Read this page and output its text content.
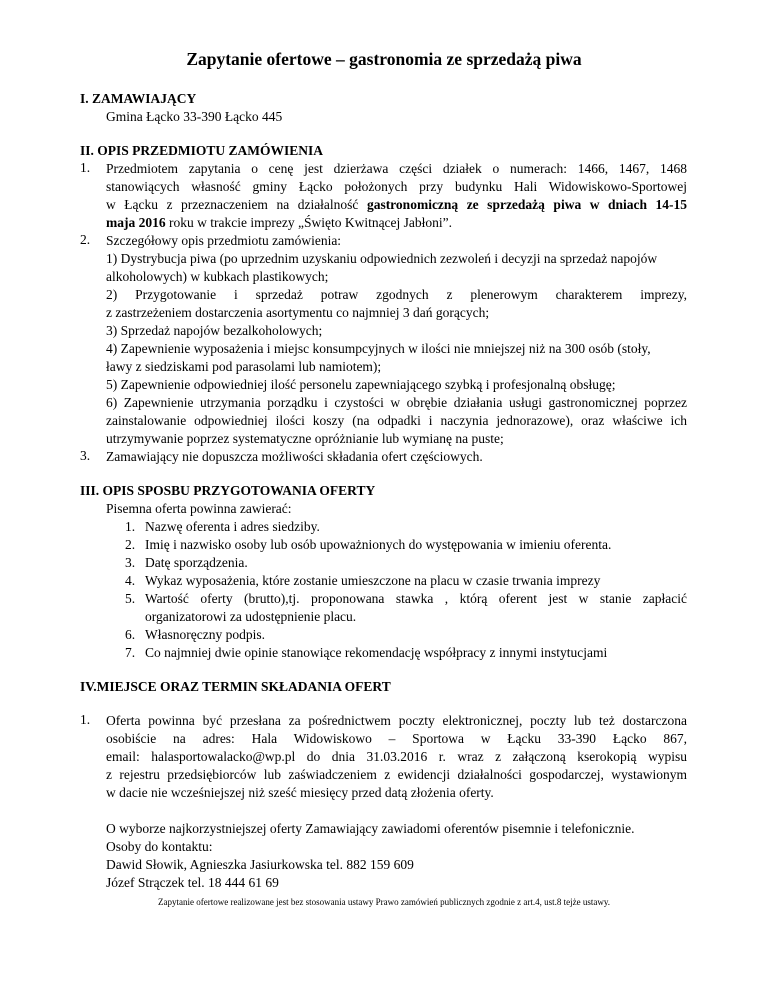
Zapytanie ofertowe – gastronomia ze sprzedażą piwa

I. ZAMAWIAJĄCY

Gmina Łącko 33-390 Łącko 445

II. OPIS PRZEDMIOTU ZAMÓWIENIA

1. Przedmiotem zapytania o cenę jest dzierżawa części działek o numerach: 1466, 1467, 1468

stanowiących własność gminy Łącko położonych przy budynku Hali Widowiskowo-Sportowej

w Łącku z przeznaczeniem na działalność gastronomiczną ze sprzedażą piwa w dniach 14-15

maja 2016 roku w trakcie imprezy „Święto Kwitnącej Jabłoni”.

2. Szczegółowy opis przedmiotu zamówienia:

1) Dystrybucja piwa (po uprzednim uzyskaniu odpowiednich zezwoleń i decyzji na sprzedaż napojów

alkoholowych) w kubkach plastikowych;

2) Przygotowanie i sprzedaż potraw zgodnych z plenerowym charakterem imprezy,

z zastrzeżeniem dostarczenia asortymentu co najmniej 3 dań gorących;

3) Sprzedaż napojów bezalkoholowych;

4) Zapewnienie wyposażenia i miejsc konsumpcyjnych w ilości nie mniejszej niż na 300 osób (stoły,

ławy z siedziskami pod parasolami lub namiotem);

5) Zapewnienie odpowiedniej ilość personelu zapewniającego szybką i profesjonalną obsługę;

6) Zapewnienie utrzymania porządku i czystości w obrębie działania usługi gastronomicznej poprzez

zainstalowanie odpowiedniej ilości koszy (na odpadki i naczynia jednorazowe), oraz właściwe ich

utrzymywanie poprzez systematyczne opróżnianie lub wymianę na puste;

3. Zamawiający nie dopuszcza możliwości składania ofert częściowych.

III. OPIS SPOSBU PRZYGOTOWANIA OFERTY

Pisemna oferta powinna zawierać:

1. Nazwę oferenta i adres siedziby.

2. Imię i nazwisko osoby lub osób upoważnionych do występowania w imieniu oferenta.

3. Datę sporządzenia.

4. Wykaz wyposażenia, które zostanie umieszczone na placu w czasie trwania imprezy

5. Wartość oferty (brutto),tj. proponowana stawka , którą oferent jest w stanie zapłacić

organizatorowi za udostępnienie placu.

6. Własnoręczny podpis.

7. Co najmniej dwie opinie stanowiące rekomendację współpracy z innymi instytucjami

IV.MIEJSCE ORAZ TERMIN SKŁADANIA OFERT

1. Oferta powinna być przesłana za pośrednictwem poczty elektronicznej, poczty lub też dostarczona

osobiście na adres: Hala Widowiskowo – Sportowa w Łącku 33-390 Łącko 867,

email: halasportowalacko@wp.pl do dnia 31.03.2016 r. wraz z załączoną kserokopią wypisu

z rejestru przedsiębiorców lub zaświadczeniem z ewidencji działalności gospodarczej, wystawionym

w dacie nie wcześniejszej niż sześć miesięcy przed datą złożenia oferty.

O wyborze najkorzystniejszej oferty Zamawiający zawiadomi oferentów pisemnie i telefonicznie.

Osoby do kontaktu:

Dawid Słowik, Agnieszka Jasiurkowska tel. 882 159 609

Józef Strączek tel. 18 444 61 69

Zapytanie ofertowe realizowane jest bez stosowania ustawy Prawo zamówień publicznych zgodnie z art.4, ust.8 tejże ustawy.
